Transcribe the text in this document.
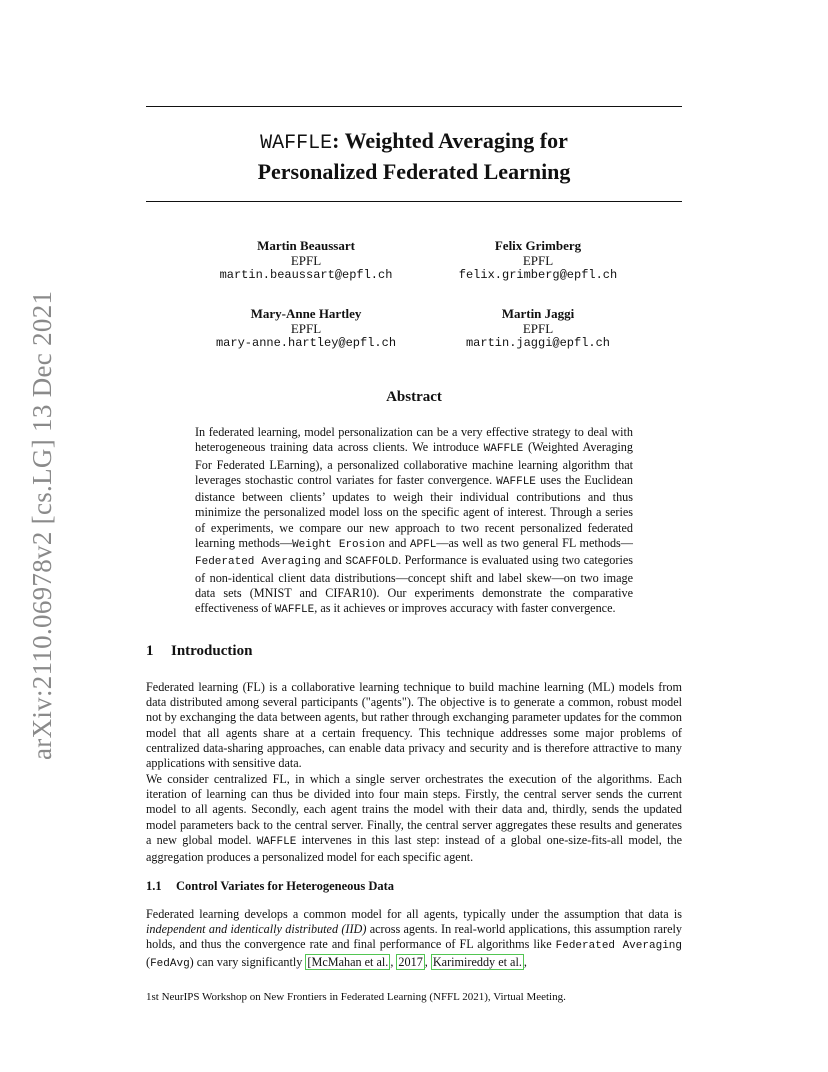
arXiv:2110.06978v2 [cs.LG] 13 Dec 2021
WAFFLE: Weighted Averaging for
Personalized Federated Learning
Martin Beaussart
EPFL
martin.beaussart@epfl.ch
Felix Grimberg
EPFL
felix.grimberg@epfl.ch
Mary-Anne Hartley
EPFL
mary-anne.hartley@epfl.ch
Martin Jaggi
EPFL
martin.jaggi@epfl.ch
Abstract
In federated learning, model personalization can be a very effective strategy to deal with heterogeneous training data across clients. We introduce WAFFLE (Weighted Averaging For Federated LEarning), a personalized collaborative machine learning algorithm that leverages stochastic control variates for faster convergence. WAFFLE uses the Euclidean distance between clients’ updates to weigh their individual contributions and thus minimize the personalized model loss on the specific agent of interest. Through a series of experiments, we compare our new approach to two recent personalized federated learning methods—Weight Erosion and APFL—as well as two general FL methods—Federated Averaging and SCAFFOLD. Performance is evaluated using two categories of non-identical client data distributions—concept shift and label skew—on two image data sets (MNIST and CIFAR10). Our experiments demonstrate the comparative effectiveness of WAFFLE, as it achieves or improves accuracy with faster convergence.
1 Introduction
Federated learning (FL) is a collaborative learning technique to build machine learning (ML) models from data distributed among several participants ("agents"). The objective is to generate a common, robust model not by exchanging the data between agents, but rather through exchanging parameter updates for the common model that all agents share at a certain frequency. This technique addresses some major problems of centralized data-sharing approaches, can enable data privacy and security and is therefore attractive to many applications with sensitive data.
We consider centralized FL, in which a single server orchestrates the execution of the algorithms. Each iteration of learning can thus be divided into four main steps. Firstly, the central server sends the current model to all agents. Secondly, each agent trains the model with their data and, thirdly, sends the updated model parameters back to the central server. Finally, the central server aggregates these results and generates a new global model. WAFFLE intervenes in this last step: instead of a global one-size-fits-all model, the aggregation produces a personalized model for each specific agent.
1.1 Control Variates for Heterogeneous Data
Federated learning develops a common model for all agents, typically under the assumption that data is independent and identically distributed (IID) across agents. In real-world applications, this assumption rarely holds, and thus the convergence rate and final performance of FL algorithms like Federated Averaging (FedAvg) can vary significantly [McMahan et al. , 2017 , Karimireddy et al. ,
1st NeurIPS Workshop on New Frontiers in Federated Learning (NFFL 2021), Virtual Meeting.
